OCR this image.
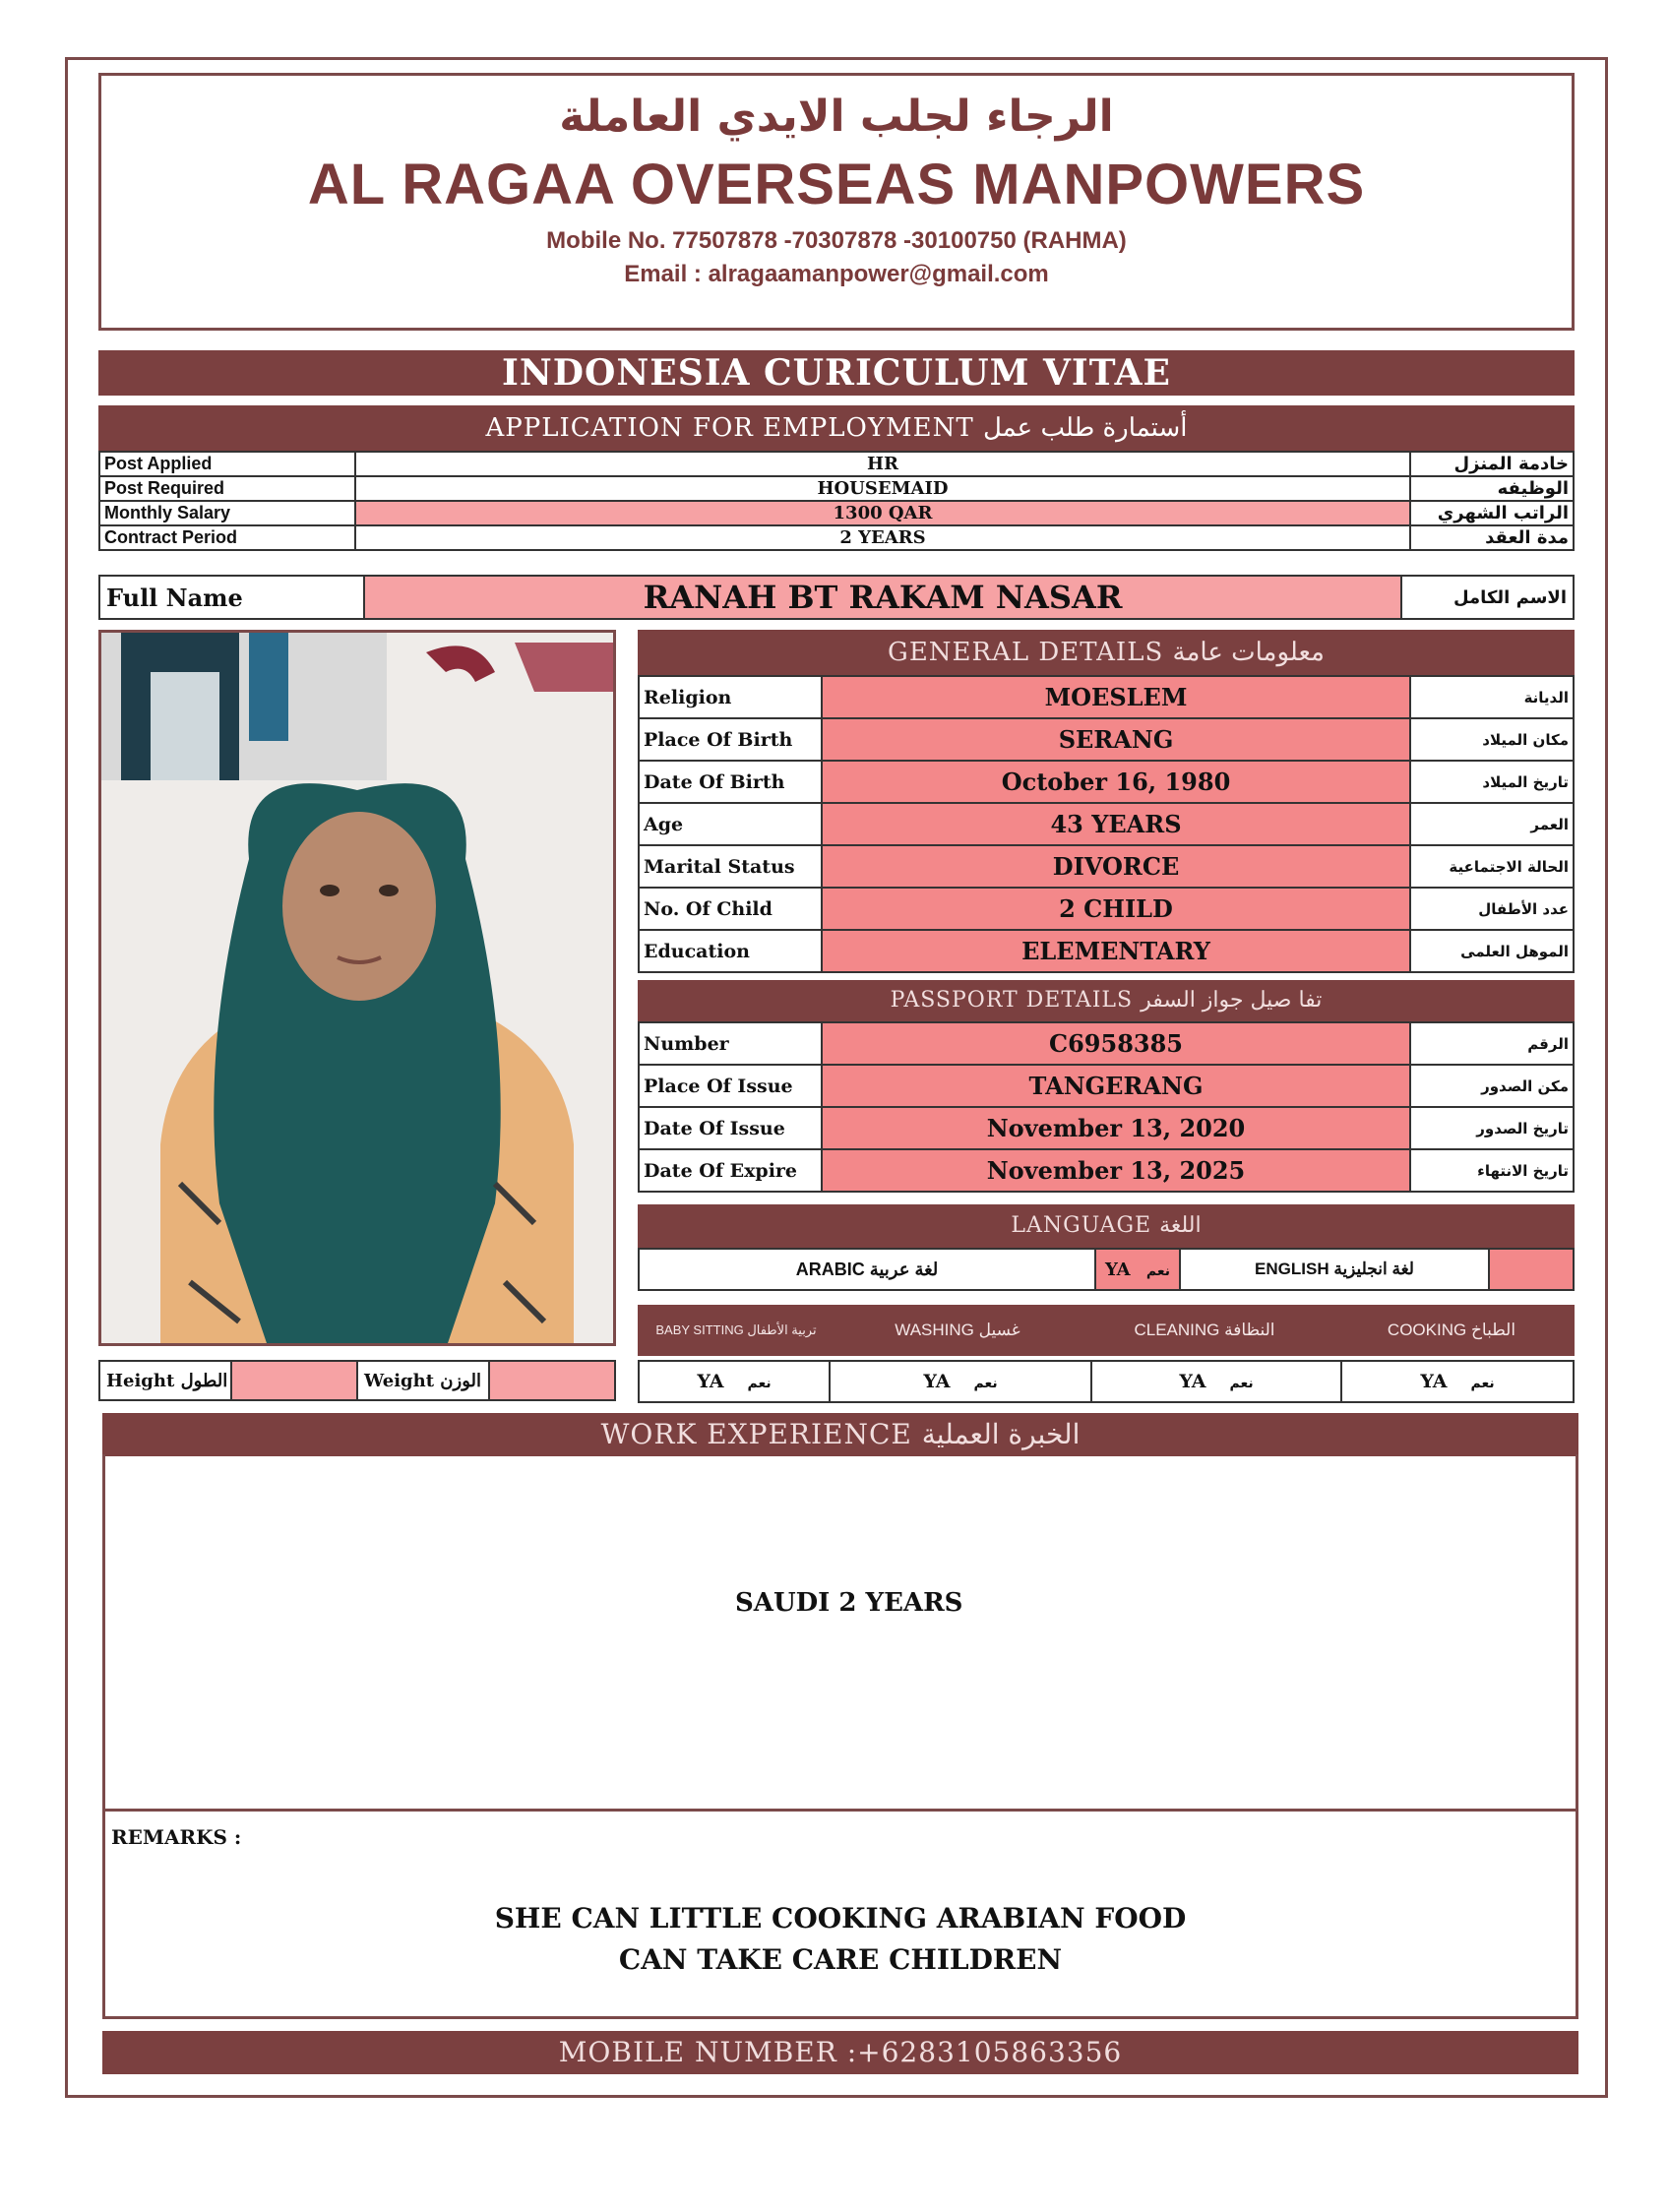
الرجاء لجلب الايدي العاملة
AL RAGAA OVERSEAS MANPOWERS
Mobile No. 77507878 -70307878 -30100750 (RAHMA)
Email : alragaamanpower@gmail.com
INDONESIA CURICULUM VITAE
APPLICATION FOR EMPLOYMENT أستمارة طلب عمل
Post Applied	HR	خادمة المنزل
Post Required	HOUSEMAID	الوظيفه
Monthly Salary	1300 QAR	الراتب الشهري
Contract Period	2 YEARS	مدة العقد
Full Name	RANAH BT RAKAM NASAR	الاسم الكامل
GENERAL DETAILS معلومات عامة
Religion	MOESLEM	الديانة
Place Of Birth	SERANG	مكان الميلاد
Date Of Birth	October 16, 1980	تاريخ الميلاد
Age	43 YEARS	العمر
Marital Status	DIVORCE	الحالة الاجتماعية
No. Of Child	2 CHILD	عدد الأطفال
Education	ELEMENTARY	الموهل العلمى
PASSPORT DETAILS تفا صيل جواز السفر
Number	C6958385	الرقم
Place Of Issue	TANGERANG	مكن الصدور
Date Of Issue	November 13, 2020	تاريخ الصدور
Date Of Expire	November 13, 2025	تاريخ الانتهاء
LANGUAGE اللغة
ARABIC لغة عربية	YA نعم	ENGLISH لغة انجليزية	
BABY SITTING تربية الأطفال	WASHING غسيل	CLEANING النظافة	COOKING الطباخ
YA نعم	YA نعم	YA نعم	YA نعم
Height الطول		Weight الوزن	
WORK EXPERIENCE الخبرة العملية
SAUDI 2 YEARS
REMARKS :
SHE CAN LITTLE COOKING ARABIAN FOOD
CAN TAKE CARE CHILDREN
MOBILE NUMBER :+6283105863356
